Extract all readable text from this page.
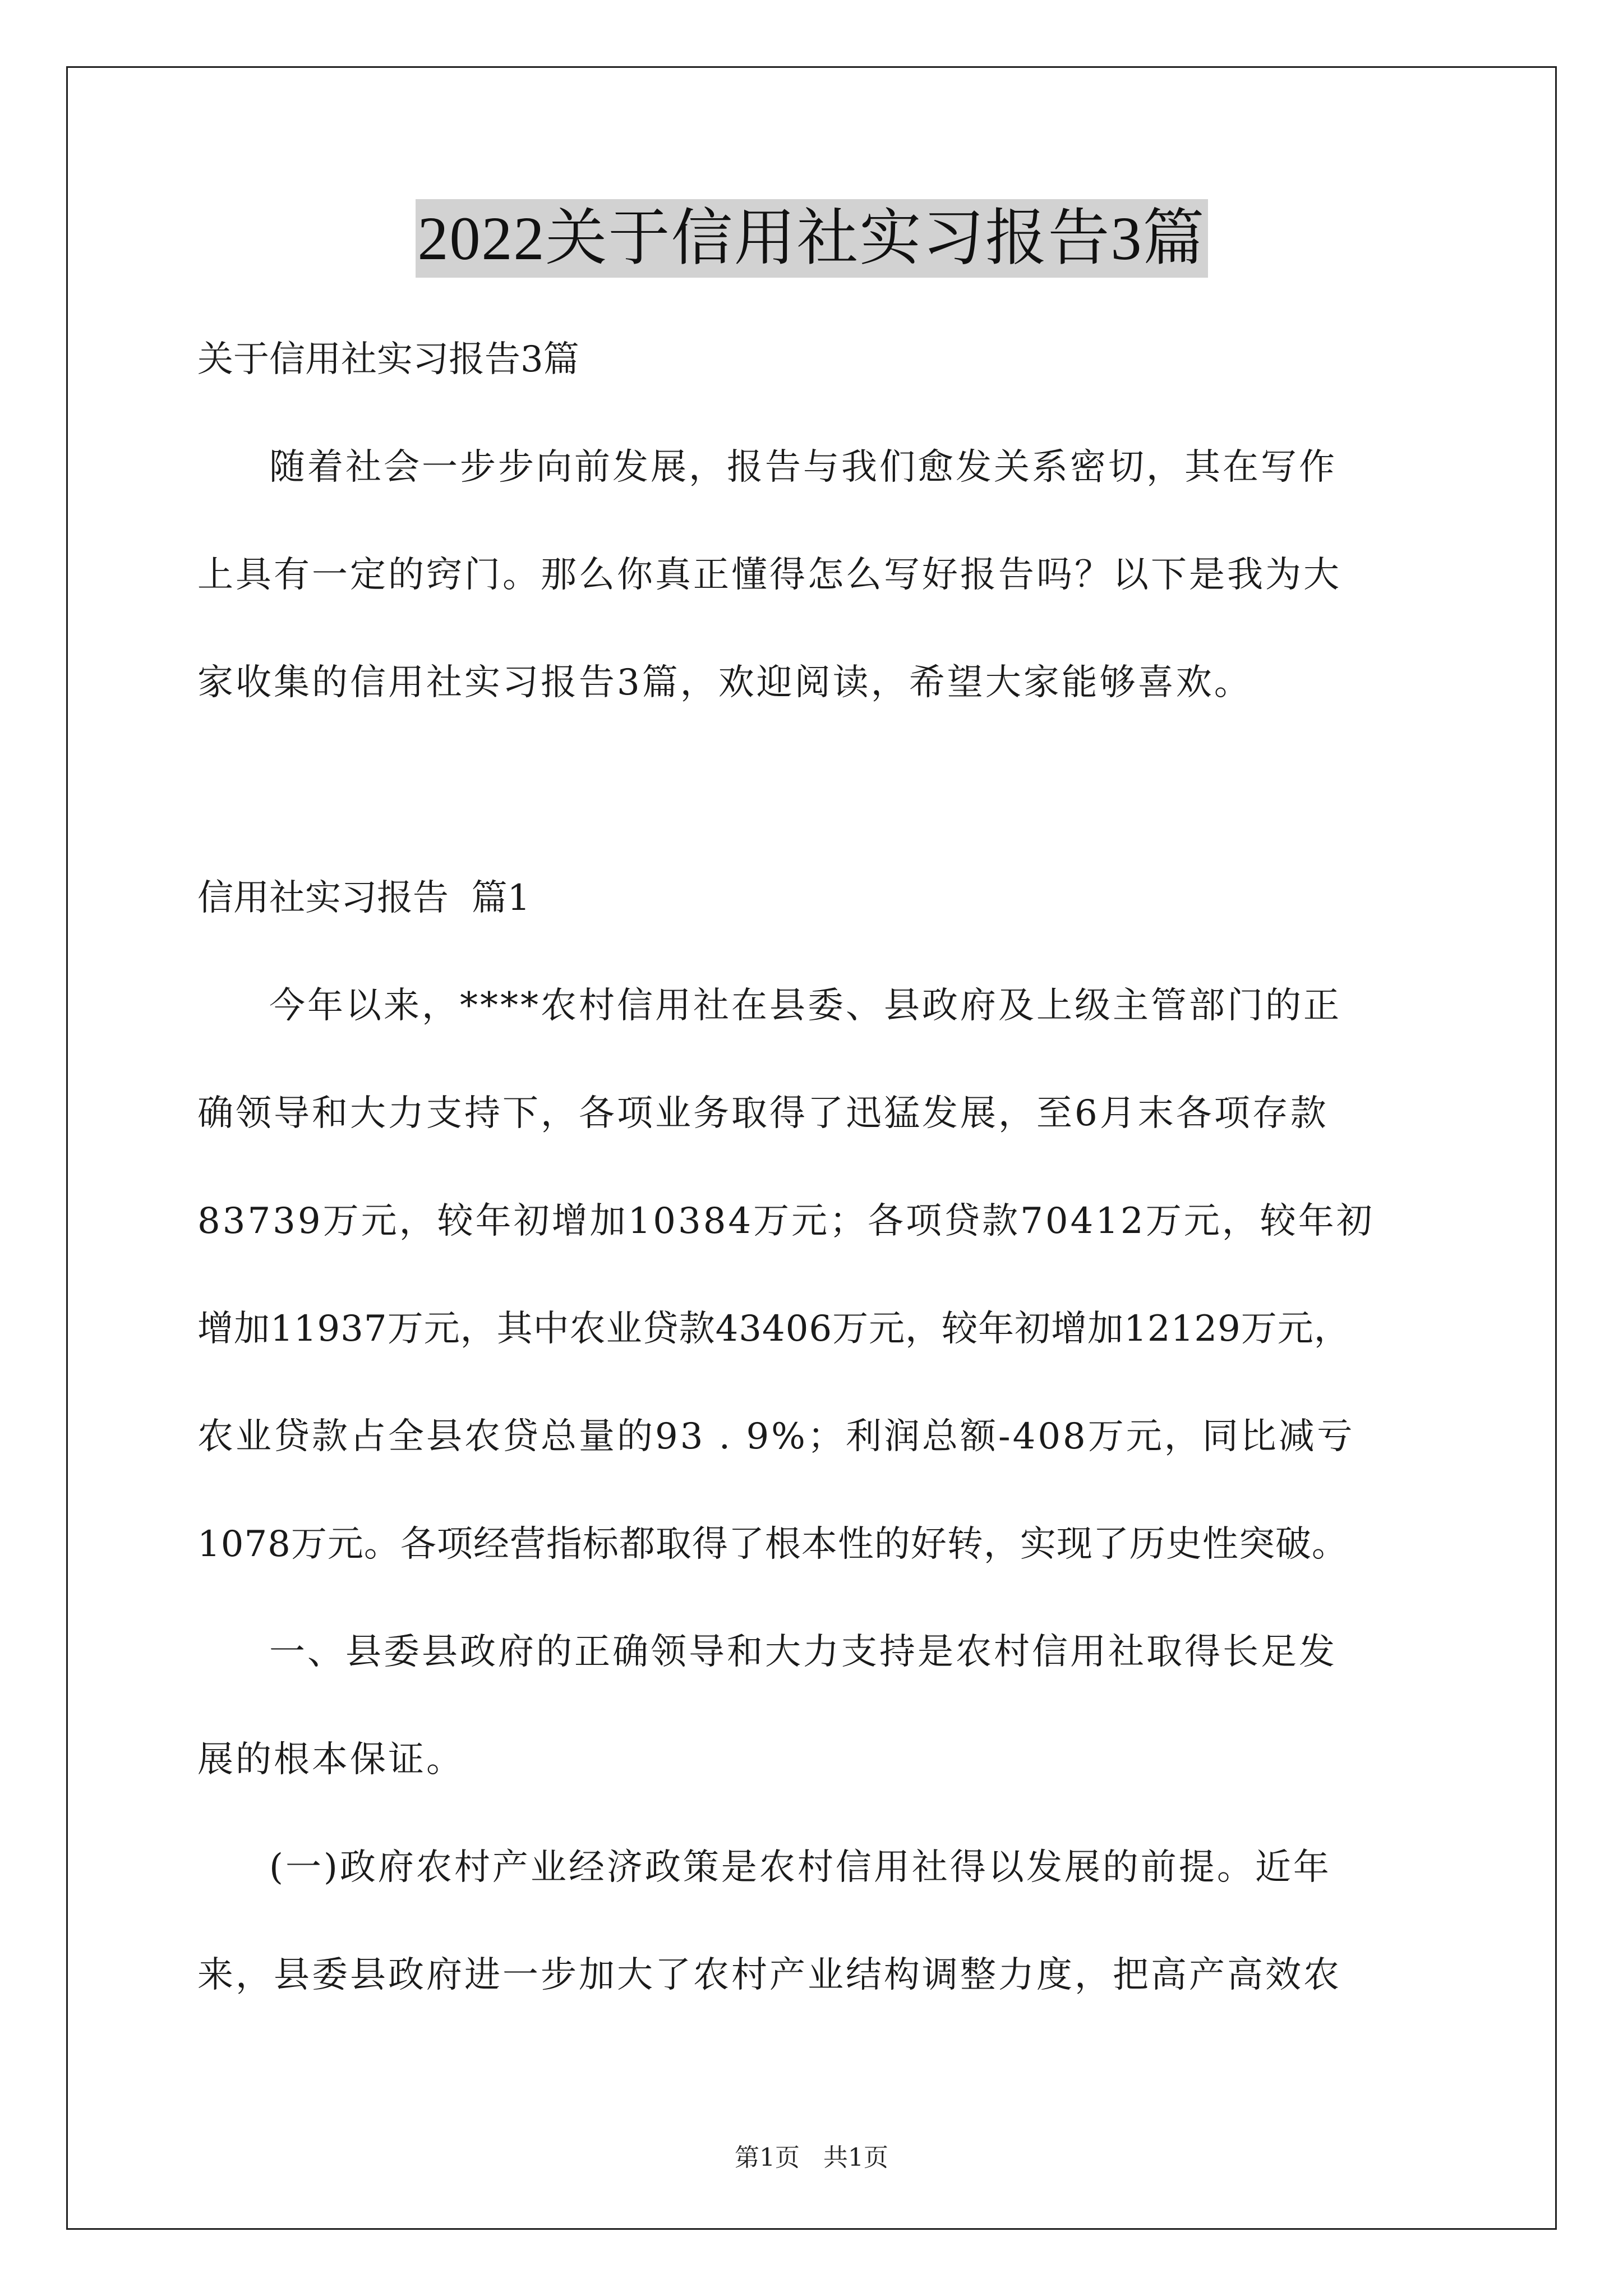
2022关于信用社实习报告3篇

关于信用社实习报告3篇

随着社会一步步向前发展，报告与我们愈发关系密切，其在写作

上具有一定的窍门。那么你真正懂得怎么写好报告吗？以下是我为大

家收集的信用社实习报告3篇，欢迎阅读，希望大家能够喜欢。

信用社实习报告  篇1

今年以来，****农村信用社在县委、县政府及上级主管部门的正

确领导和大力支持下，各项业务取得了迅猛发展，至6月末各项存款

83739万元，较年初增加10384万元；各项贷款70412万元，较年初

增加11937万元，其中农业贷款43406万元，较年初增加12129万元，

农业贷款占全县农贷总量的93 . 9%；利润总额-408万元，同比减亏

1078万元。各项经营指标都取得了根本性的好转，实现了历史性突破。

一、县委县政府的正确领导和大力支持是农村信用社取得长足发

展的根本保证。

(一)政府农村产业经济政策是农村信用社得以发展的前提。近年

来，县委县政府进一步加大了农村产业结构调整力度，把高产高效农

第1页   共1页
